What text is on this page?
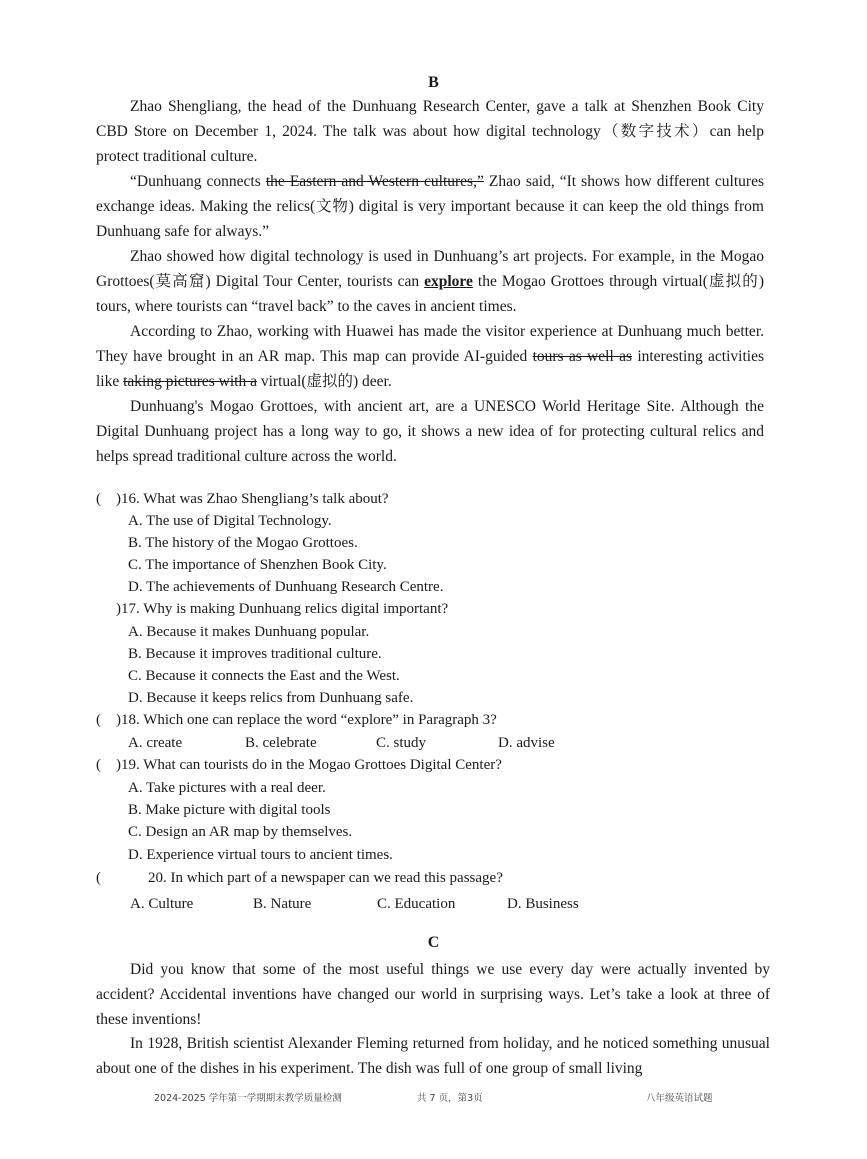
B

Zhao Shengliang, the head of the Dunhuang Research Center, gave a talk at Shenzhen Book City CBD Store on December 1, 2024. The talk was about how digital technology（数字技术）can help protect traditional culture.

“Dunhuang connects the Eastern and Western cultures,” Zhao said, “It shows how different cultures exchange ideas. Making the relics(文物) digital is very important because it can keep the old things from Dunhuang safe for always.”

Zhao showed how digital technology is used in Dunhuang’s art projects. For example, in the Mogao Grottoes(莫高窟) Digital Tour Center, tourists can explore the Mogao Grottoes through virtual(虚拟的) tours, where tourists can “travel back” to the caves in ancient times.

According to Zhao, working with Huawei has made the visitor experience at Dunhuang much better. They have brought in an AR map. This map can provide AI-guided tours as well as interesting activities like taking pictures with a virtual(虚拟的) deer.

Dunhuang's Mogao Grottoes, with ancient art, are a UNESCO World Heritage Site. Although the Digital Dunhuang project has a long way to go, it shows a new idea of for protecting cultural relics and helps spread traditional culture across the world.

( )16. What was Zhao Shengliang’s talk about?
A. The use of Digital Technology.
B. The history of the Mogao Grottoes.
C. The importance of Shenzhen Book City.
D. The achievements of Dunhuang Research Centre.
)17. Why is making Dunhuang relics digital important?
A. Because it makes Dunhuang popular.
B. Because it improves traditional culture.
C. Because it connects the East and the West.
D. Because it keeps relics from Dunhuang safe.
( )18. Which one can replace the word “explore” in Paragraph 3?
A. create	B. celebrate	C. study	D. advise
( )19. What can tourists do in the Mogao Grottoes Digital Center?
A. Take pictures with a real deer.
B. Make picture with digital tools
C. Design an AR map by themselves.
D. Experience virtual tours to ancient times.
(	20. In which part of a newspaper can we read this passage?
A. Culture	B. Nature	C. Education	D. Business
C

Did you know that some of the most useful things we use every day were actually invented by accident? Accidental inventions have changed our world in surprising ways. Let’s take a look at three of these inventions!

In 1928, British scientist Alexander Fleming returned from holiday, and he noticed something unusual about one of the dishes in his experiment. The dish was full of one group of small living

2024-2025 学年第一学期期末教学质量检测	共 7 页，第3页	八年级英语试题
